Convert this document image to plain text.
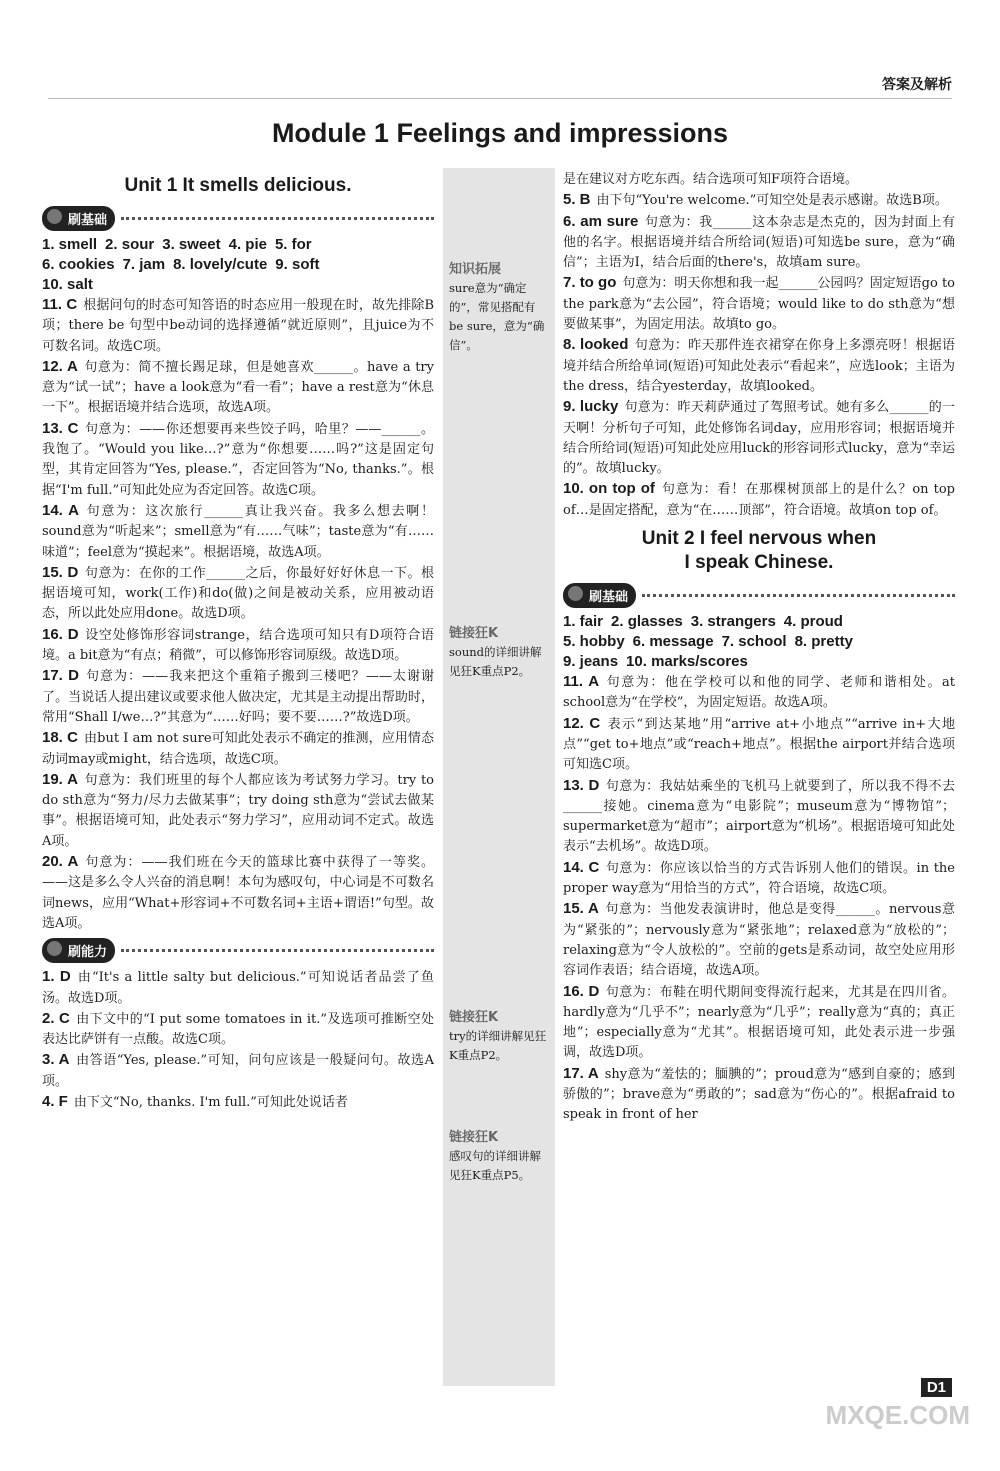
答案及解析
Module 1 Feelings and impressions
Unit 1 It smells delicious.
刷基础
1. smell 2. sour 3. sweet 4. pie 5. for
6. cookies 7. jam 8. lovely/cute 9. soft
10. salt

11. C 根据问句的时态可知答语的时态应用一般现在时，故先排除B项；there be 句型中be动词的选择遵循“就近原则”，且juice为不可数名词。故选C项。

12. A 句意为：简不擅长踢足球，但是她喜欢______。have a try意为“试一试”；have a look意为“看一看”；have a rest意为“休息一下”。根据语境并结合选项，故选A项。

13. C 句意为：——你还想要再来些饺子吗，哈里？——______。我饱了。“Would you like…?”意为“你想要……吗?”这是固定句型，其肯定回答为“Yes, please.”，否定回答为“No, thanks.”。根据“I'm full.”可知此处应为否定回答。故选C项。

14. A 句意为：这次旅行______真让我兴奋。我多么想去啊！sound意为“听起来”；smell意为“有……气味”；taste意为“有……味道”；feel意为“摸起来”。根据语境，故选A项。

15. D 句意为：在你的工作______之后，你最好好好休息一下。根据语境可知，work(工作)和do(做)之间是被动关系，应用被动语态，所以此处应用done。故选D项。

16. D 设空处修饰形容词strange，结合选项可知只有D项符合语境。a bit意为“有点；稍微”，可以修饰形容词原级。故选D项。

17. D 句意为：——我来把这个重箱子搬到三楼吧？——太谢谢了。当说话人提出建议或要求他人做决定，尤其是主动提出帮助时，常用“Shall I/we…?”其意为“……好吗；要不要……?”故选D项。

18. C 由but I am not sure可知此处表示不确定的推测，应用情态动词may或might，结合选项，故选C项。

19. A 句意为：我们班里的每个人都应该为考试努力学习。try to do sth意为“努力/尽力去做某事”；try doing sth意为“尝试去做某事”。根据语境可知，此处表示“努力学习”，应用动词不定式。故选A项。

20. A 句意为：——我们班在今天的篮球比赛中获得了一等奖。——这是多么令人兴奋的消息啊！本句为感叹句，中心词是不可数名词news，应用“What+形容词+不可数名词+主语+谓语!”句型。故选A项。

刷能力

1. D 由“It's a little salty but delicious.”可知说话者品尝了鱼汤。故选D项。

2. C 由下文中的“I put some tomatoes in it.”及选项可推断空处表达比萨饼有一点酸。故选C项。

3. A 由答语“Yes, please.”可知，问句应该是一般疑问句。故选A项。

4. F 由下文“No, thanks. I'm full.”可知此处说话者

知识拓展
sure意为“确定的”，常见搭配有be sure，意为“确信”。
链接狂K
sound的详细讲解见狂K重点P2。
链接狂K
try的详细讲解见狂K重点P2。
链接狂K
感叹句的详细讲解见狂K重点P5。

是在建议对方吃东西。结合选项可知F项符合语境。

5. B 由下句“You're welcome.”可知空处是表示感谢。故选B项。

6. am sure 句意为：我______这本杂志是杰克的，因为封面上有他的名字。根据语境并结合所给词(短语)可知选be sure，意为“确信”；主语为I，结合后面的there's，故填am sure。

7. to go 句意为：明天你想和我一起______公园吗？固定短语go to the park意为“去公园”，符合语境；would like to do sth意为“想要做某事”，为固定用法。故填to go。

8. looked 句意为：昨天那件连衣裙穿在你身上多漂亮呀！根据语境并结合所给单词(短语)可知此处表示“看起来”，应选look；主语为the dress，结合yesterday，故填looked。

9. lucky 句意为：昨天莉萨通过了驾照考试。她有多么______的一天啊！分析句子可知，此处修饰名词day，应用形容词；根据语境并结合所给词(短语)可知此处应用luck的形容词形式lucky，意为“幸运的”。故填lucky。

10. on top of 句意为：看！在那棵树顶部上的是什么？on top of…是固定搭配，意为“在……顶部”，符合语境。故填on top of。

Unit 2 I feel nervous when
I speak Chinese.
刷基础
1. fair 2. glasses 3. strangers 4. proud
5. hobby 6. message 7. school 8. pretty
9. jeans 10. marks/scores

11. A 句意为：他在学校可以和他的同学、老师和谐相处。at school意为“在学校”，为固定短语。故选A项。

12. C 表示“到达某地”用“arrive at+小地点”“arrive in+大地点”“get to+地点”或“reach+地点”。根据the airport并结合选项可知选C项。

13. D 句意为：我姑姑乘坐的飞机马上就要到了，所以我不得不去______接她。cinema意为“电影院”；museum意为“博物馆”；supermarket意为“超市”；airport意为“机场”。根据语境可知此处表示“去机场”。故选D项。

14. C 句意为：你应该以恰当的方式告诉别人他们的错误。in the proper way意为“用恰当的方式”，符合语境，故选C项。

15. A 句意为：当他发表演讲时，他总是变得______。nervous意为“紧张的”；nervously意为“紧张地”；relaxed意为“放松的”；relaxing意为“令人放松的”。空前的gets是系动词，故空处应用形容词作表语；结合语境，故选A项。

16. D 句意为：布鞋在明代期间变得流行起来，尤其是在四川省。hardly意为“几乎不”；nearly意为“几乎”；really意为“真的；真正地”；especially意为“尤其”。根据语境可知，此处表示进一步强调，故选D项。

17. A shy意为“羞怯的；腼腆的”；proud意为“感到自豪的；感到骄傲的”；brave意为“勇敢的”；sad意为“伤心的”。根据afraid to speak in front of her

D1
MXQE.COM
